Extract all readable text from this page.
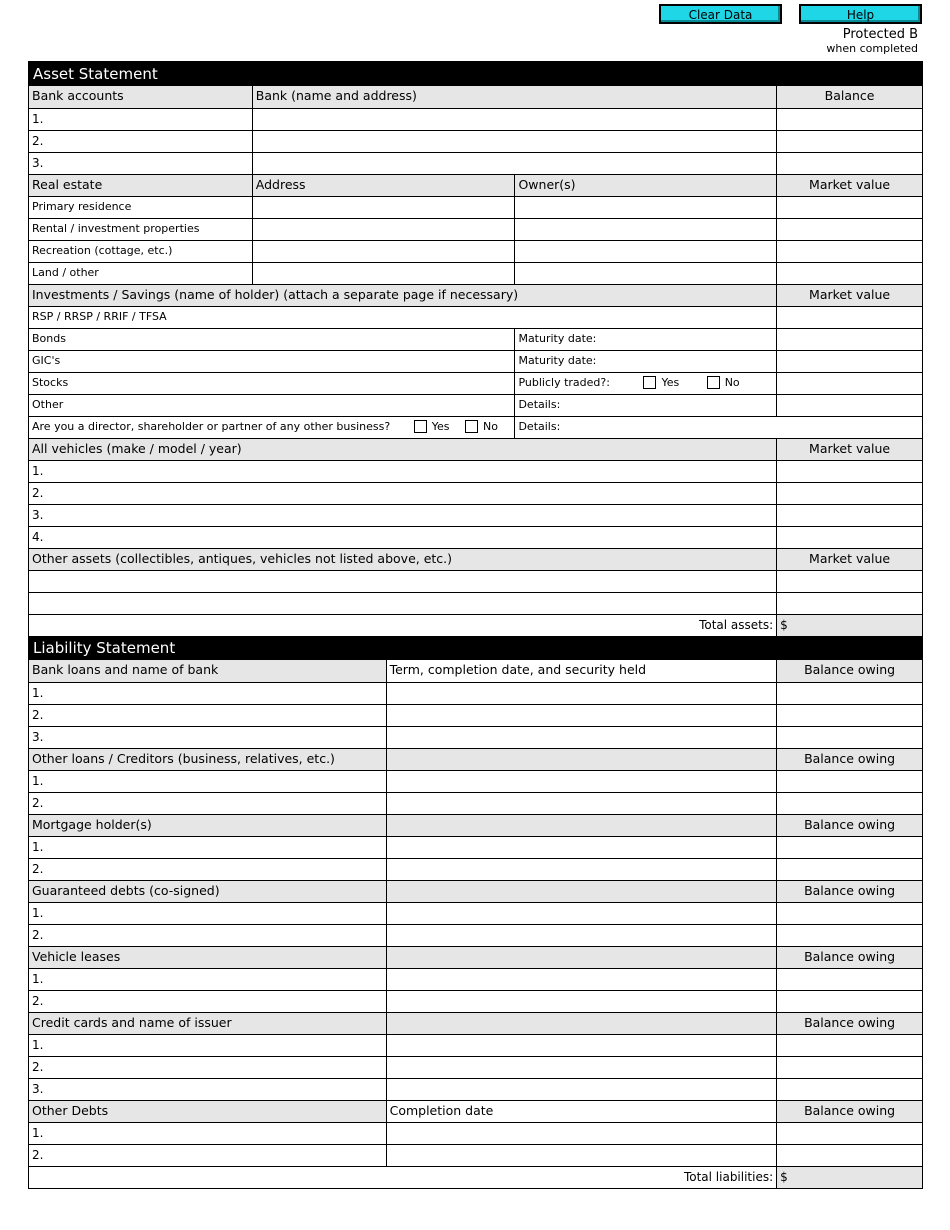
Clear Data	Help
Protected B
when completed
Asset Statement
Bank accounts	Bank (name and address)	Balance
1.
2.
3.
Real estate	Address	Owner(s)	Market value
Primary residence
Rental / investment properties
Recreation (cottage, etc.)
Land / other
Investments / Savings (name of holder) (attach a separate page if necessary)	Market value
RSP / RRSP / RRIF / TFSA
Bonds	Maturity date:
GIC's	Maturity date:
Stocks	Publicly traded?:	Yes	No
Other	Details:
Are you a director, shareholder or partner of any other business?	Yes	No	Details:
All vehicles (make / model / year)	Market value
1.
2.
3.
4.
Other assets (collectibles, antiques, vehicles not listed above, etc.)	Market value
Total assets: $
Liability Statement
Bank loans and name of bank	Term, completion date, and security held	Balance owing
1.
2.
3.
Other loans / Creditors (business, relatives, etc.)	Balance owing
1.
2.
Mortgage holder(s)	Balance owing
1.
2.
Guaranteed debts (co-signed)	Balance owing
1.
2.
Vehicle leases	Balance owing
1.
2.
Credit cards and name of issuer	Balance owing
1.
2.
3.
Other Debts	Completion date	Balance owing
1.
2.
Total liabilities: $
